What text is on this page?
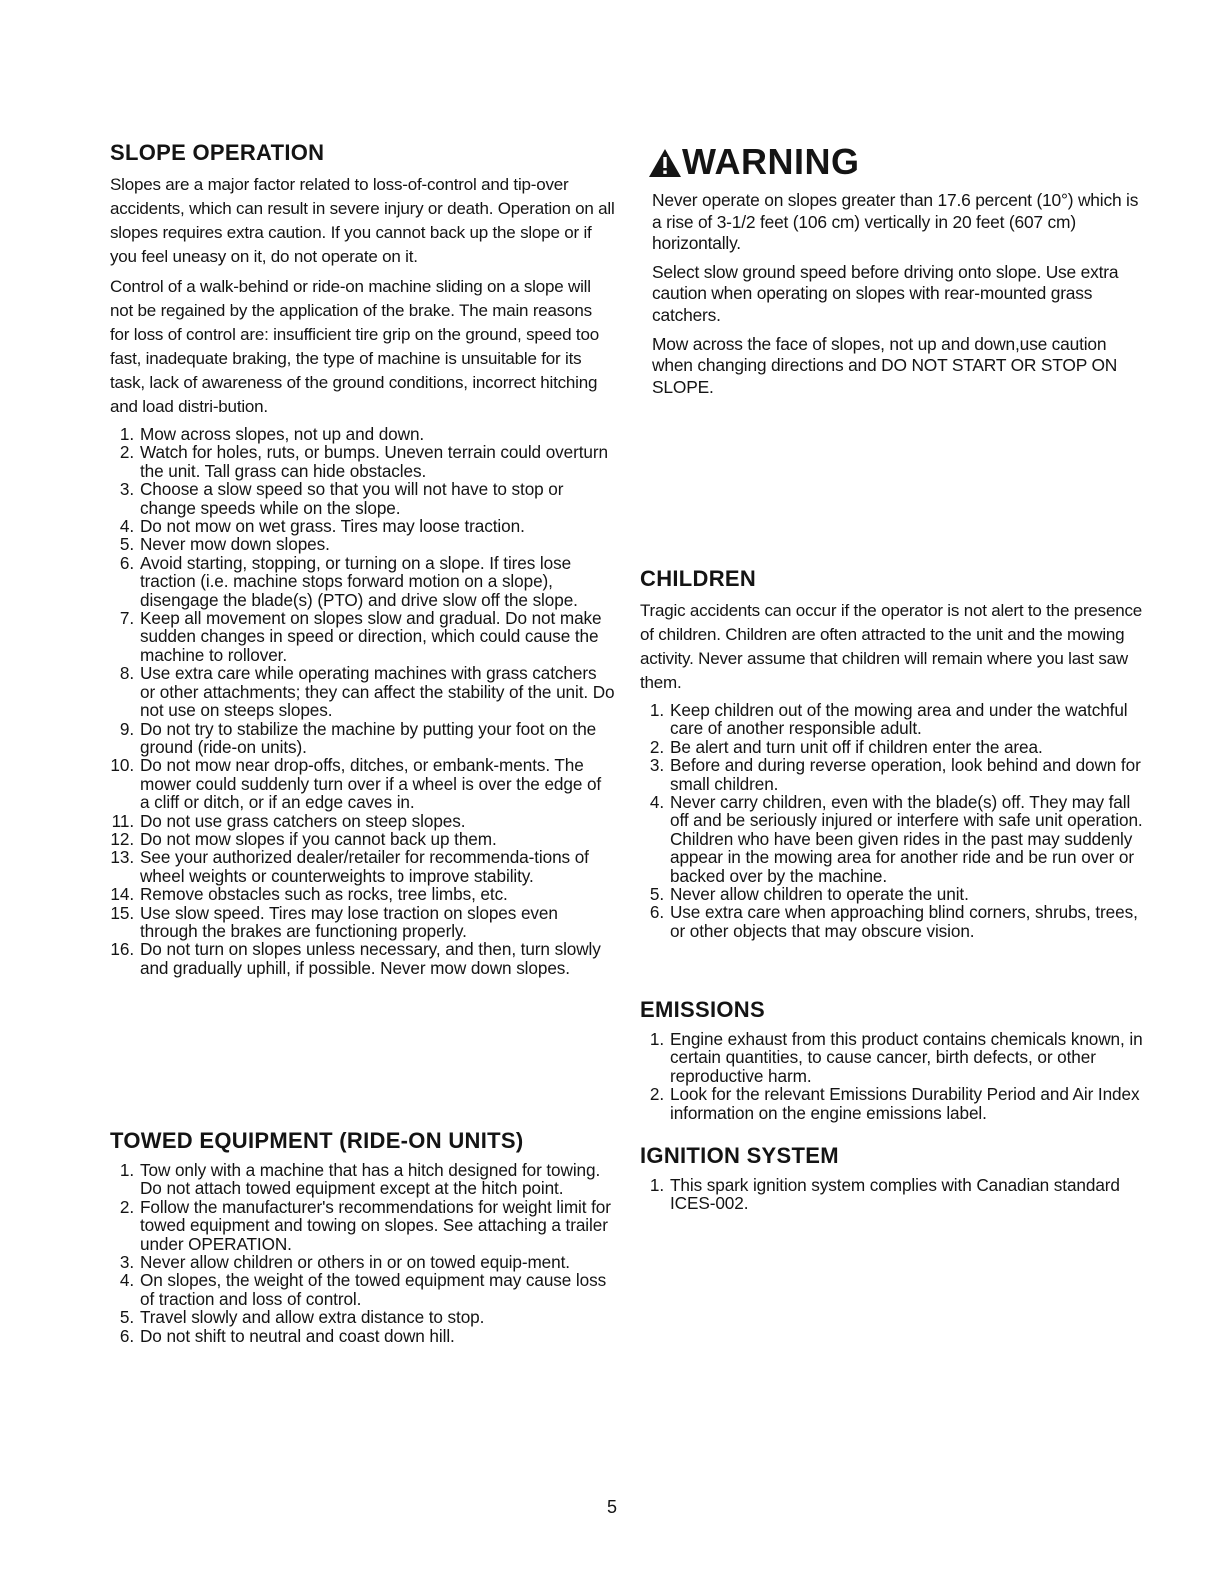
SLOPE OPERATION

Slopes are a major factor related to loss-of-control and tip-over accidents, which can result in severe injury or death. Operation on all slopes requires extra caution. If you cannot back up the slope or if you feel uneasy on it, do not operate on it.

Control of a walk-behind or ride-on machine sliding on a slope will not be regained by the application of the brake. The main reasons for loss of control are: insufficient tire grip on the ground, speed too fast, inadequate braking, the type of machine is unsuitable for its task, lack of awareness of the ground conditions, incorrect hitching and load distri-bution.

1. Mow across slopes, not up and down.
2. Watch for holes, ruts, or bumps. Uneven terrain could overturn the unit. Tall grass can hide obstacles.
3. Choose a slow speed so that you will not have to stop or change speeds while on the slope.
4. Do not mow on wet grass. Tires may loose traction.
5. Never mow down slopes.
6. Avoid starting, stopping, or turning on a slope. If tires lose traction (i.e. machine stops forward motion on a slope), disengage the blade(s) (PTO) and drive slow off the slope.
7. Keep all movement on slopes slow and gradual. Do not make sudden changes in speed or direction, which could cause the machine to rollover.
8. Use extra care while operating machines with grass catchers or other attachments; they can affect the stability of the unit. Do not use on steeps slopes.
9. Do not try to stabilize the machine by putting your foot on the ground (ride-on units).
10. Do not mow near drop-offs, ditches, or embank-ments. The mower could suddenly turn over if a wheel is over the edge of a cliff or ditch, or if an edge caves in.
11. Do not use grass catchers on steep slopes.
12. Do not mow slopes if you cannot back up them.
13. See your authorized dealer/retailer for recommenda-tions of wheel weights or counterweights to improve stability.
14. Remove obstacles such as rocks, tree limbs, etc.
15. Use slow speed. Tires may lose traction on slopes even through the brakes are functioning properly.
16. Do not turn on slopes unless necessary, and then, turn slowly and gradually uphill, if possible. Never mow down slopes.
TOWED EQUIPMENT (RIDE-ON UNITS)
1. Tow only with a machine that has a hitch designed for towing. Do not attach towed equipment except at the hitch point.
2. Follow the manufacturer's recommendations for weight limit for towed equipment and towing on slopes. See attaching a trailer under OPERATION.
3. Never allow children or others in or on towed equip-ment.
4. On slopes, the weight of the towed equipment may cause loss of traction and loss of control.
5. Travel slowly and allow extra distance to stop.
6. Do not shift to neutral and coast down hill.
WARNING

Never operate on slopes greater than 17.6 percent (10°) which is a rise of 3-1/2 feet (106 cm) vertically in 20 feet (607 cm) horizontally.

Select slow ground speed before driving onto slope. Use extra caution when operating on slopes with rear-mounted grass catchers.

Mow across the face of slopes, not up and down,use caution when changing directions and DO NOT START OR STOP ON SLOPE.

CHILDREN

Tragic accidents can occur if the operator is not alert to the presence of children. Children are often attracted to the unit and the mowing activity. Never assume that children will remain where you last saw them.

1. Keep children out of the mowing area and under the watchful care of another responsible adult.
2. Be alert and turn unit off if children enter the area.
3. Before and during reverse operation, look behind and down for small children.
4. Never carry children, even with the blade(s) off. They may fall off and be seriously injured or interfere with safe unit operation. Children who have been given rides in the past may suddenly appear in the mowing area for another ride and be run over or backed over by the machine.
5. Never allow children to operate the unit.
6. Use extra care when approaching blind corners, shrubs, trees, or other objects that may obscure vision.
EMISSIONS
1. Engine exhaust from this product contains chemicals known, in certain quantities, to cause cancer, birth defects, or other reproductive harm.
2. Look for the relevant Emissions Durability Period and Air Index information on the engine emissions label.
IGNITION SYSTEM
1. This spark ignition system complies with Canadian standard ICES-002.
5
